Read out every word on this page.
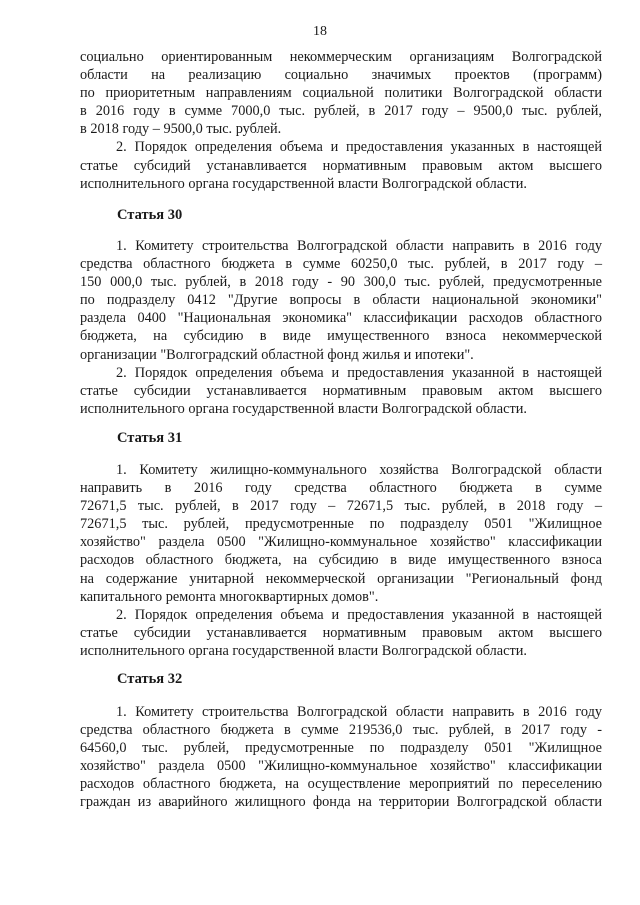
18
Статья 30
Статья 31
Статья 32
социально ориентированным некоммерческим организациям Волгоградской
области на реализацию социально значимых проектов (программ)
по приоритетным направлениям социальной политики Волгоградской области
в 2016 году в сумме 7000,0 тыс. рублей, в 2017 году – 9500,0 тыс. рублей,
в 2018 году – 9500,0 тыс. рублей.
2. Порядок определения объема и предоставления указанных в настоящей
статье субсидий устанавливается нормативным правовым актом высшего
исполнительного органа государственной власти Волгоградской области.
1. Комитету строительства Волгоградской области направить в 2016 году
средства областного бюджета в сумме 60250,0 тыс. рублей, в 2017 году –
150 000,0 тыс. рублей, в 2018 году - 90 300,0 тыс. рублей, предусмотренные
по подразделу 0412 "Другие вопросы в области национальной экономики"
раздела 0400 "Национальная экономика" классификации расходов областного
бюджета, на субсидию в виде имущественного взноса некоммерческой
организации "Волгоградский областной фонд жилья и ипотеки".
2. Порядок определения объема и предоставления указанной в настоящей
статье субсидии устанавливается нормативным правовым актом высшего
исполнительного органа государственной власти Волгоградской области.
1. Комитету жилищно-коммунального хозяйства Волгоградской области
направить в 2016 году средства областного бюджета в сумме
72671,5 тыс. рублей, в 2017 году – 72671,5 тыс. рублей, в 2018 году –
72671,5 тыс. рублей, предусмотренные по подразделу 0501 "Жилищное
хозяйство" раздела 0500 "Жилищно-коммунальное хозяйство" классификации
расходов областного бюджета, на субсидию в виде имущественного взноса
на содержание унитарной некоммерческой организации "Региональный фонд
капитального ремонта многоквартирных домов".
2. Порядок определения объема и предоставления указанной в настоящей
статье субсидии устанавливается нормативным правовым актом высшего
исполнительного органа государственной власти Волгоградской области.
1. Комитету строительства Волгоградской области направить в 2016 году
средства областного бюджета в сумме 219536,0 тыс. рублей, в 2017 году -
64560,0 тыс. рублей, предусмотренные по подразделу 0501 "Жилищное
хозяйство" раздела 0500 "Жилищно-коммунальное хозяйство" классификации
расходов областного бюджета, на осуществление мероприятий по переселению
граждан из аварийного жилищного фонда на территории Волгоградской области
